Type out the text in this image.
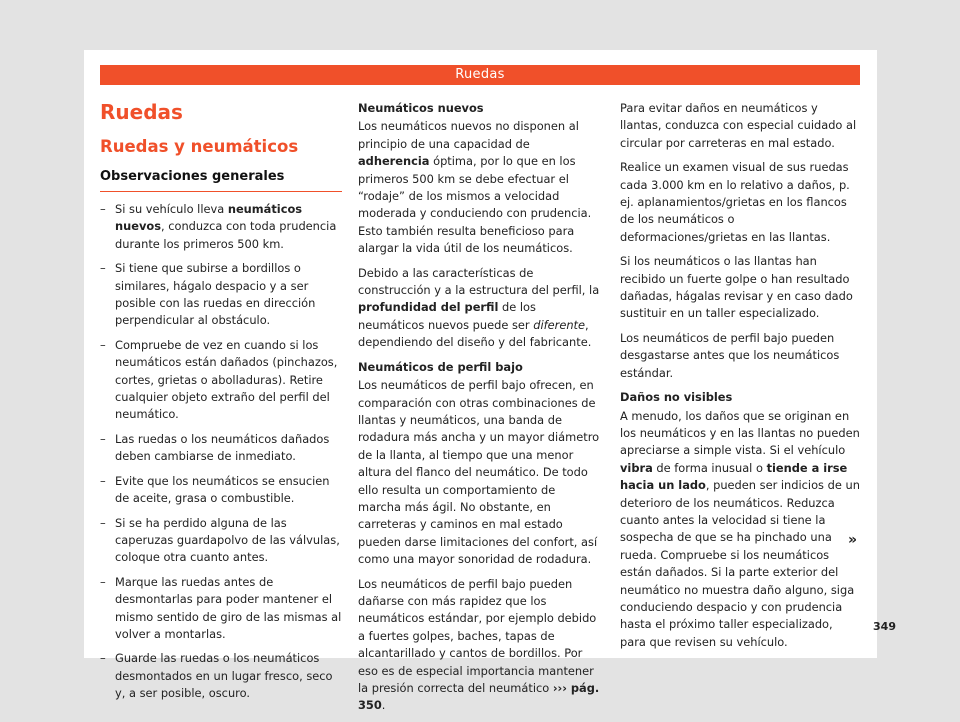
Ruedas
Ruedas
Ruedas y neumáticos
Observaciones generales
– Si su vehículo lleva neumáticos nuevos, conduzca con toda prudencia durante los primeros 500 km.
– Si tiene que subirse a bordillos o similares, hágalo despacio y a ser posible con las ruedas en dirección perpendicular al obstáculo.
– Compruebe de vez en cuando si los neumáticos están dañados (pinchazos, cortes, grietas o abolladuras). Retire cualquier objeto extraño del perfil del neumático.
– Las ruedas o los neumáticos dañados deben cambiarse de inmediato.
– Evite que los neumáticos se ensucien de aceite, grasa o combustible.
– Si se ha perdido alguna de las caperuzas guardapolvo de las válvulas, coloque otra cuanto antes.
– Marque las ruedas antes de desmontarlas para poder mantener el mismo sentido de giro de las mismas al volver a montarlas.
– Guarde las ruedas o los neumáticos desmontados en un lugar fresco, seco y, a ser posible, oscuro.
Neumáticos nuevos

Los neumáticos nuevos no disponen al principio de una capacidad de adherencia óptima, por lo que en los primeros 500 km se debe efectuar el “rodaje” de los mismos a velocidad moderada y conduciendo con prudencia. Esto también resulta beneficioso para alargar la vida útil de los neumáticos.

Debido a las características de construcción y a la estructura del perfil, la profundidad del perfil de los neumáticos nuevos puede ser diferente, dependiendo del diseño y del fabricante.

Neumáticos de perfil bajo

Los neumáticos de perfil bajo ofrecen, en comparación con otras combinaciones de llantas y neumáticos, una banda de rodadura más ancha y un mayor diámetro de la llanta, al tiempo que una menor altura del flanco del neumático. De todo ello resulta un comportamiento de marcha más ágil. No obstante, en carreteras y caminos en mal estado pueden darse limitaciones del confort, así como una mayor sonoridad de rodadura.

Los neumáticos de perfil bajo pueden dañarse con más rapidez que los neumáticos estándar, por ejemplo debido a fuertes golpes, baches, tapas de alcantarillado y cantos de bordillos. Por eso es de especial importancia mantener la presión correcta del neumático ››› pág. 350.

Para evitar daños en neumáticos y llantas, conduzca con especial cuidado al circular por carreteras en mal estado.

Realice un examen visual de sus ruedas cada 3.000 km en lo relativo a daños, p. ej. aplanamientos/grietas en los flancos de los neumáticos o deformaciones/grietas en las llantas.

Si los neumáticos o las llantas han recibido un fuerte golpe o han resultado dañadas, hágalas revisar y en caso dado sustituir en un taller especializado.

Los neumáticos de perfil bajo pueden desgastarse antes que los neumáticos estándar.

Daños no visibles

A menudo, los daños que se originan en los neumáticos y en las llantas no pueden apreciarse a simple vista. Si el vehículo vibra de forma inusual o tiende a irse hacia un lado, pueden ser indicios de un deterioro de los neumáticos. Reduzca cuanto antes la velocidad si tiene la sospecha de que se ha pinchado una rueda. Compruebe si los neumáticos están dañados. Si la parte exterior del neumático no muestra daño alguno, siga conduciendo despacio y con prudencia hasta el próximo taller especializado, para que revisen su vehículo.

»
349
